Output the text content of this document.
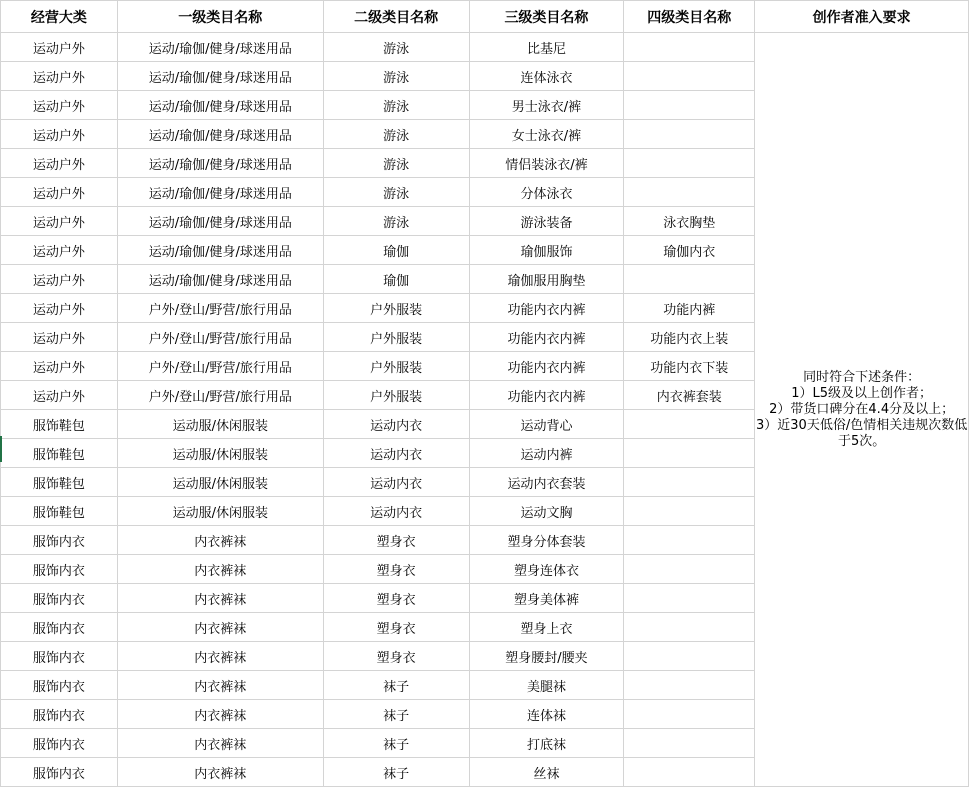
经营大类	一级类目名称	二级类目名称	三级类目名称	四级类目名称	创作者准入要求
运动户外	运动/瑜伽/健身/球迷用品	游泳	比基尼		同时符合下述条件：
1）L5级及以上创作者；
2）带货口碑分在4.4分及以上；
3）近30天低俗/色情相关违规次数低于5次。

运动户外	运动/瑜伽/健身/球迷用品	游泳	连体泳衣		
运动户外	运动/瑜伽/健身/球迷用品	游泳	男士泳衣/裤		
运动户外	运动/瑜伽/健身/球迷用品	游泳	女士泳衣/裤		
运动户外	运动/瑜伽/健身/球迷用品	游泳	情侣装泳衣/裤		
运动户外	运动/瑜伽/健身/球迷用品	游泳	分体泳衣		
运动户外	运动/瑜伽/健身/球迷用品	游泳	游泳装备	泳衣胸垫	
运动户外	运动/瑜伽/健身/球迷用品	瑜伽	瑜伽服饰	瑜伽内衣	
运动户外	运动/瑜伽/健身/球迷用品	瑜伽	瑜伽服用胸垫		
运动户外	户外/登山/野营/旅行用品	户外服装	功能内衣内裤	功能内裤	
运动户外	户外/登山/野营/旅行用品	户外服装	功能内衣内裤	功能内衣上装	
运动户外	户外/登山/野营/旅行用品	户外服装	功能内衣内裤	功能内衣下装	
运动户外	户外/登山/野营/旅行用品	户外服装	功能内衣内裤	内衣裤套装	
服饰鞋包	运动服/休闲服装	运动内衣	运动背心		
服饰鞋包	运动服/休闲服装	运动内衣	运动内裤		
服饰鞋包	运动服/休闲服装	运动内衣	运动内衣套装		
服饰鞋包	运动服/休闲服装	运动内衣	运动文胸		
服饰内衣	内衣裤袜	塑身衣	塑身分体套装		
服饰内衣	内衣裤袜	塑身衣	塑身连体衣		
服饰内衣	内衣裤袜	塑身衣	塑身美体裤		
服饰内衣	内衣裤袜	塑身衣	塑身上衣		
服饰内衣	内衣裤袜	塑身衣	塑身腰封/腰夹		
服饰内衣	内衣裤袜	袜子	美腿袜		
服饰内衣	内衣裤袜	袜子	连体袜		
服饰内衣	内衣裤袜	袜子	打底袜		
服饰内衣	内衣裤袜	袜子	丝袜		
